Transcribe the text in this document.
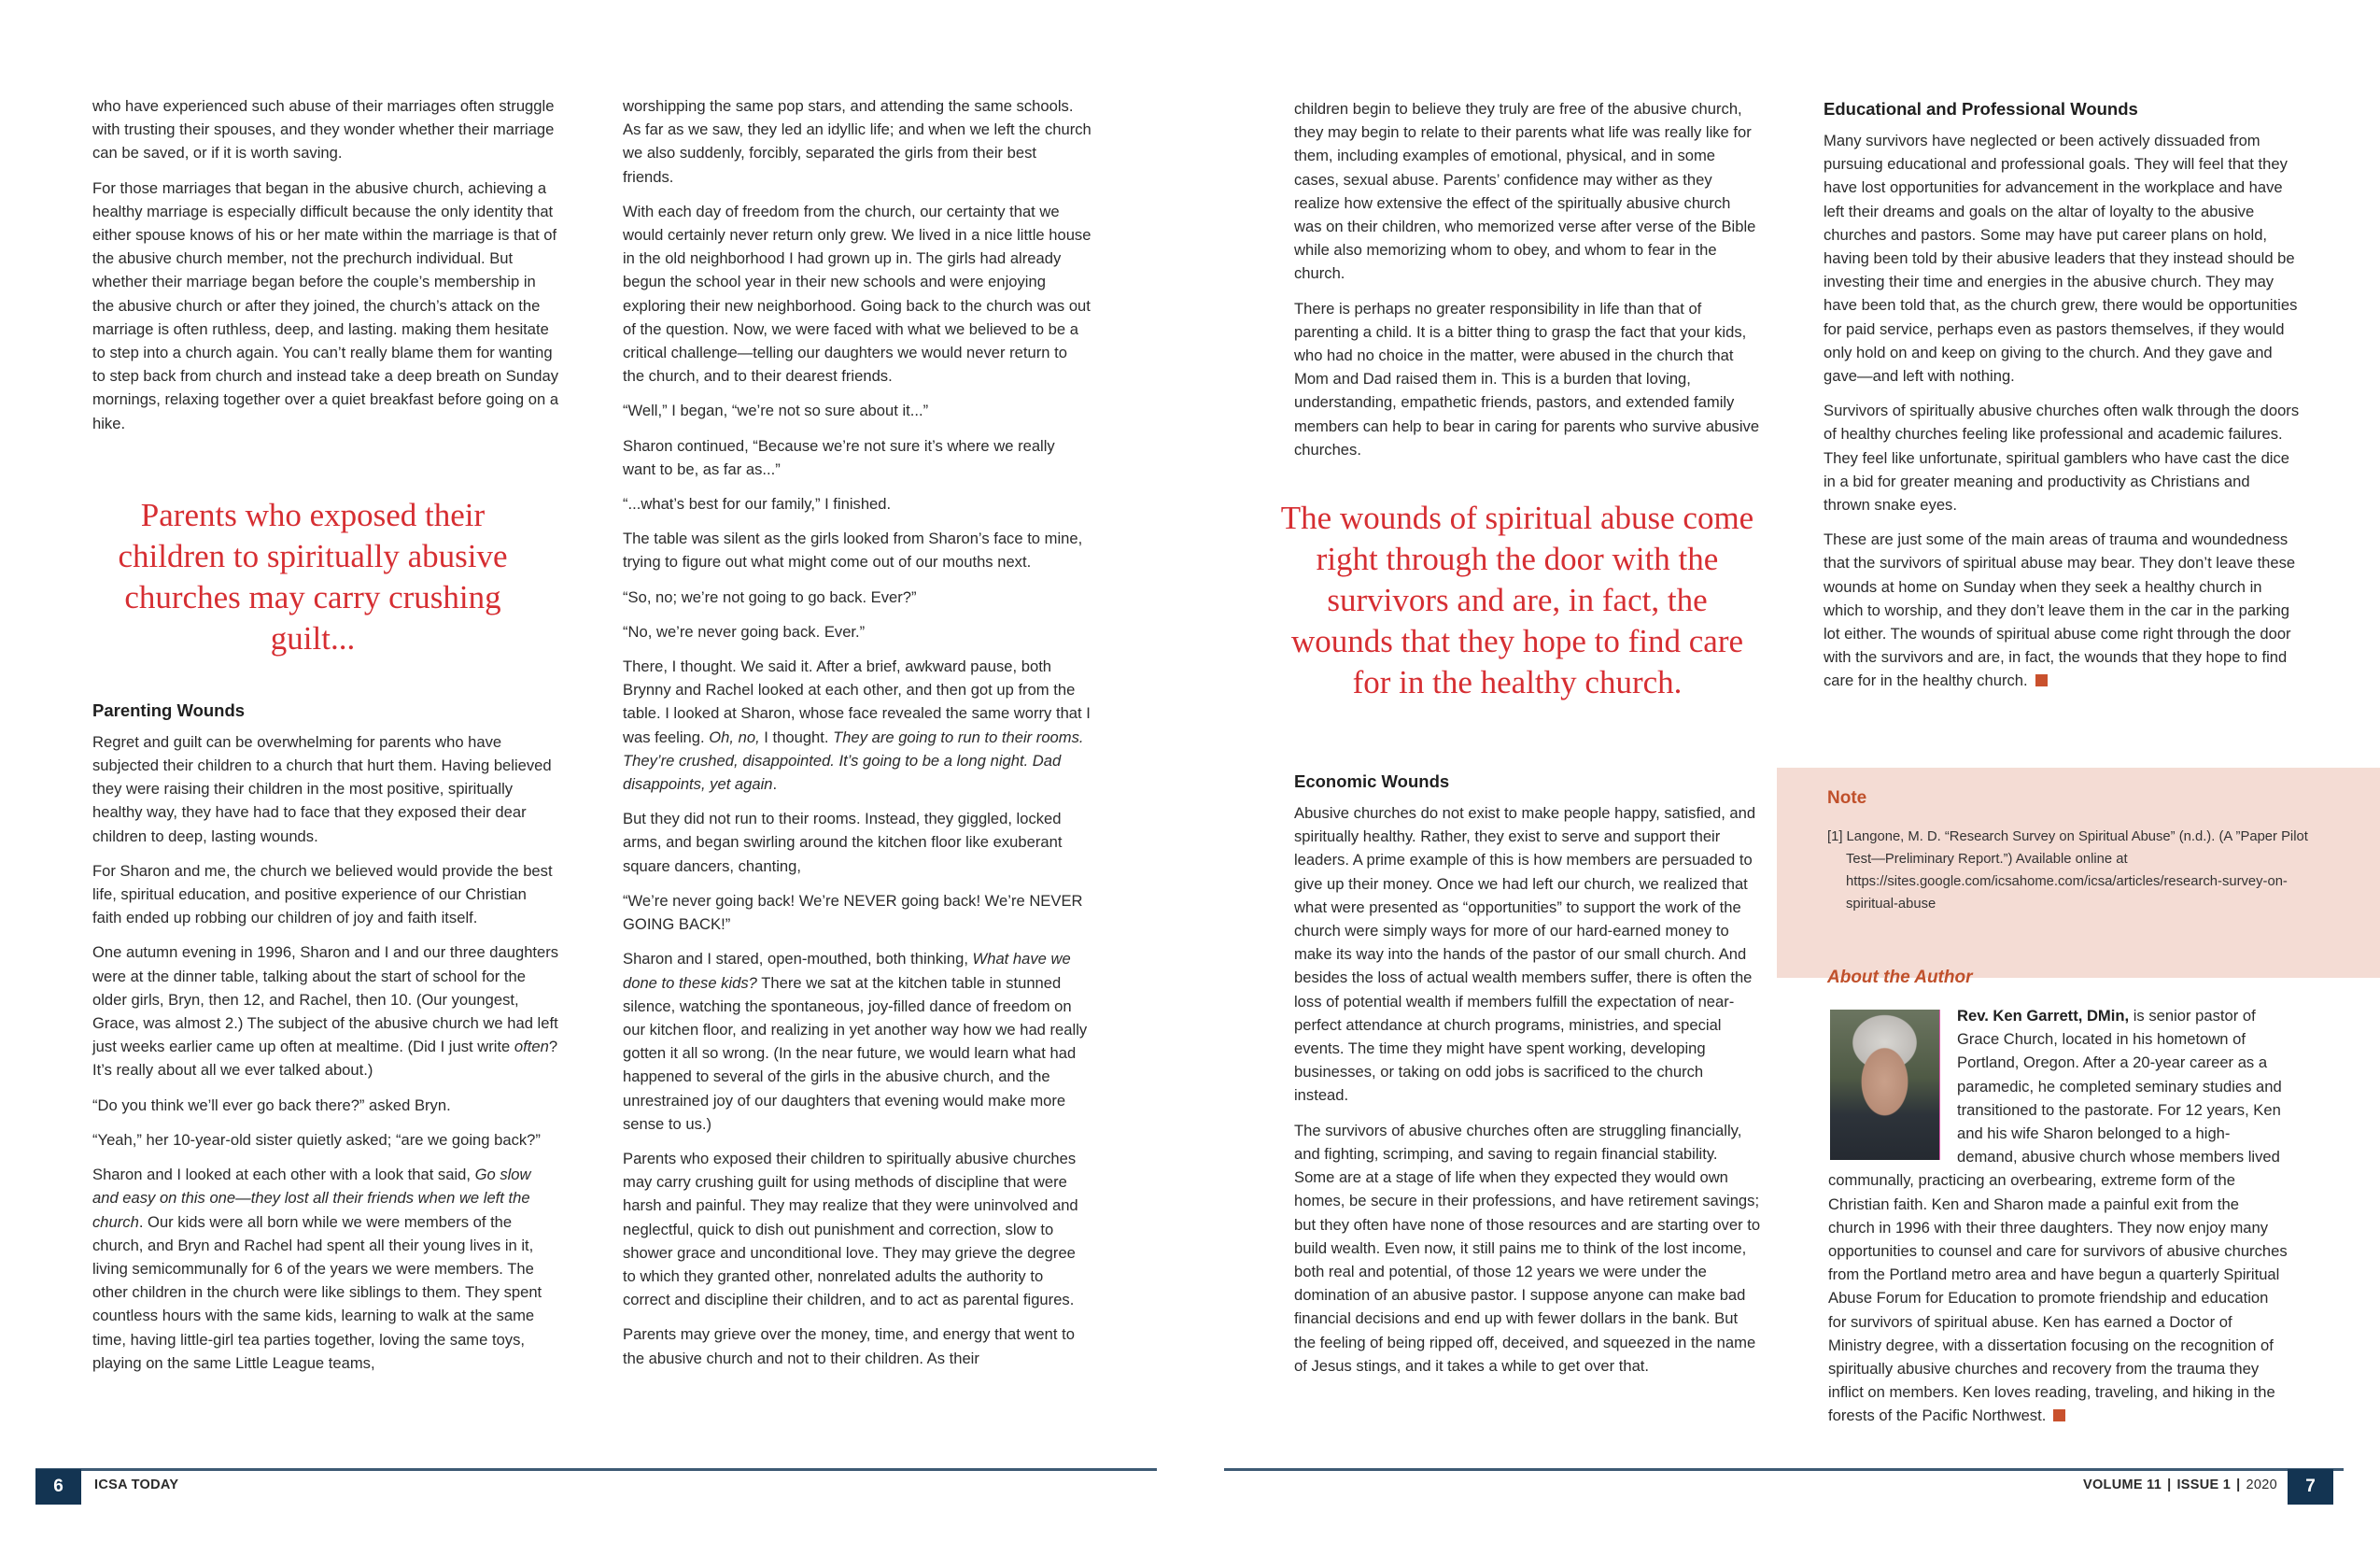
who have experienced such abuse of their marriages often struggle with trusting their spouses, and they wonder whether their marriage can be saved, or if it is worth saving.

For those marriages that began in the abusive church, achieving a healthy marriage is especially difficult because the only identity that either spouse knows of his or her mate within the marriage is that of the abusive church member, not the prechurch individual. But whether their marriage began before the couple’s membership in the abusive church or after they joined, the church’s attack on the marriage is often ruthless, deep, and lasting. making them hesitate to step into a church again. You can’t really blame them for wanting to step back from church and instead take a deep breath on Sunday mornings, relaxing together over a quiet breakfast before going on a hike.

Parenting Wounds

Regret and guilt can be overwhelming for parents who have subjected their children to a church that hurt them. Having believed they were raising their children in the most positive, spiritually healthy way, they have had to face that they exposed their dear children to deep, lasting wounds.

For Sharon and me, the church we believed would provide the best life, spiritual education, and positive experience of our Christian faith ended up robbing our children of joy and faith itself.

One autumn evening in 1996, Sharon and I and our three daughters were at the dinner table, talking about the start of school for the older girls, Bryn, then 12, and Rachel, then 10. (Our youngest, Grace, was almost 2.) The subject of the abusive church we had left just weeks earlier came up often at mealtime. (Did I just write often? It’s really about all we ever talked about.)

“Do you think we’ll ever go back there?” asked Bryn.

“Yeah,” her 10-year-old sister quietly asked; “are we going back?”

Sharon and I looked at each other with a look that said, Go slow and easy on this one—they lost all their friends when we left the church. Our kids were all born while we were members of the church, and Bryn and Rachel had spent all their young lives in it, living semicommunally for 6 of the years we were members. The other children in the church were like siblings to them. They spent countless hours with the same kids, learning to walk at the same time, having little-girl tea parties together, loving the same toys, playing on the same Little League teams,

Parents who exposed their children to spiritually abusive churches may carry crushing guilt...

worshipping the same pop stars, and attending the same schools. As far as we saw, they led an idyllic life; and when we left the church we also suddenly, forcibly, separated the girls from their best friends.

With each day of freedom from the church, our certainty that we would certainly never return only grew. We lived in a nice little house in the old neighborhood I had grown up in. The girls had already begun the school year in their new schools and were enjoying exploring their new neighborhood. Going back to the church was out of the question. Now, we were faced with what we believed to be a critical challenge—telling our daughters we would never return to the church, and to their dearest friends.

“Well,” I began, “we’re not so sure about it...”

Sharon continued, “Because we’re not sure it’s where we really want to be, as far as...”

“...what’s best for our family,” I finished.

The table was silent as the girls looked from Sharon’s face to mine, trying to figure out what might come out of our mouths next.

“So, no; we’re not going to go back. Ever?”

“No, we’re never going back. Ever.”

There, I thought. We said it. After a brief, awkward pause, both Brynny and Rachel looked at each other, and then got up from the table. I looked at Sharon, whose face revealed the same worry that I was feeling. Oh, no, I thought. They are going to run to their rooms. They’re crushed, disappointed. It’s going to be a long night. Dad disappoints, yet again.

But they did not run to their rooms. Instead, they giggled, locked arms, and began swirling around the kitchen floor like exuberant square dancers, chanting,

“We’re never going back! We’re NEVER going back! We’re NEVER GOING BACK!”

Sharon and I stared, open-mouthed, both thinking, What have we done to these kids? There we sat at the kitchen table in stunned silence, watching the spontaneous, joy-filled dance of freedom on our kitchen floor, and realizing in yet another way how we had really gotten it all so wrong. (In the near future, we would learn what had happened to several of the girls in the abusive church, and the unrestrained joy of our daughters that evening would make more sense to us.)

Parents who exposed their children to spiritually abusive churches may carry crushing guilt for using methods of discipline that were harsh and painful. They may realize that they were uninvolved and neglectful, quick to dish out punishment and correction, slow to shower grace and unconditional love. They may grieve the degree to which they granted other, nonrelated adults the authority to correct and discipline their children, and to act as parental figures.

Parents may grieve over the money, time, and energy that went to the abusive church and not to their children. As their

children begin to believe they truly are free of the abusive church, they may begin to relate to their parents what life was really like for them, including examples of emotional, physical, and in some cases, sexual abuse. Parents’ confidence may wither as they realize how extensive the effect of the spiritually abusive church was on their children, who memorized verse after verse of the Bible while also memorizing whom to obey, and whom to fear in the church.

There is perhaps no greater responsibility in life than that of parenting a child. It is a bitter thing to grasp the fact that your kids, who had no choice in the matter, were abused in the church that Mom and Dad raised them in. This is a burden that loving, understanding, empathetic friends, pastors, and extended family members can help to bear in caring for parents who survive abusive churches.

Economic Wounds

Abusive churches do not exist to make people happy, satisfied, and spiritually healthy. Rather, they exist to serve and support their leaders. A prime example of this is how members are persuaded to give up their money. Once we had left our church, we realized that what were presented as “opportunities” to support the work of the church were simply ways for more of our hard-earned money to make its way into the hands of the pastor of our small church. And besides the loss of actual wealth members suffer, there is often the loss of potential wealth if members fulfill the expectation of near-perfect attendance at church programs, ministries, and special events. The time they might have spent working, developing businesses, or taking on odd jobs is sacrificed to the church instead.

The survivors of abusive churches often are struggling financially, and fighting, scrimping, and saving to regain financial stability. Some are at a stage of life when they expected they would own homes, be secure in their professions, and have retirement savings; but they often have none of those resources and are starting over to build wealth. Even now, it still pains me to think of the lost income, both real and potential, of those 12 years we were under the domination of an abusive pastor. I suppose anyone can make bad financial decisions and end up with fewer dollars in the bank. But the feeling of being ripped off, deceived, and squeezed in the name of Jesus stings, and it takes a while to get over that.

The wounds of spiritual abuse come right through the door with the survivors and are, in fact, the wounds that they hope to find care for in the healthy church.
Educational and Professional Wounds

Many survivors have neglected or been actively dissuaded from pursuing educational and professional goals. They will feel that they have lost opportunities for advancement in the workplace and have left their dreams and goals on the altar of loyalty to the abusive churches and pastors. Some may have put career plans on hold, having been told by their abusive leaders that they instead should be investing their time and energies in the abusive church. They may have been told that, as the church grew, there would be opportunities for paid service, perhaps even as pastors themselves, if they would only hold on and keep on giving to the church. And they gave and gave—and left with nothing.

Survivors of spiritually abusive churches often walk through the doors of healthy churches feeling like professional and academic failures. They feel like unfortunate, spiritual gamblers who have cast the dice in a bid for greater meaning and productivity as Christians and thrown snake eyes.

These are just some of the main areas of trauma and woundedness that the survivors of spiritual abuse may bear. They don’t leave these wounds at home on Sunday when they seek a healthy church in which to worship, and they don’t leave them in the car in the parking lot either. The wounds of spiritual abuse come right through the door with the survivors and are, in fact, the wounds that they hope to find care for in the healthy church.

Note
[1] Langone, M. D. “Research Survey on Spiritual Abuse” (n.d.). (A ”Paper Pilot Test—Preliminary Report.”) Available online at https://sites.google.com/icsahome.com/icsa/articles/research-survey-on-spiritual-abuse
About the Author
Rev. Ken Garrett, DMin, is senior pastor of Grace Church, located in his hometown of Portland, Oregon. After a 20-year career as a paramedic, he completed seminary studies and transitioned to the pastorate. For 12 years, Ken and his wife Sharon belonged to a high-demand, abusive church whose members lived communally, practicing an overbearing, extreme form of the Christian faith. Ken and Sharon made a painful exit from the church in 1996 with their three daughters. They now enjoy many opportunities to counsel and care for survivors of abusive churches from the Portland metro area and have begun a quarterly Spiritual Abuse Forum for Education to promote friendship and education for survivors of spiritual abuse. Ken has earned a Doctor of Ministry degree, with a dissertation focusing on the recognition of spiritually abusive churches and recovery from the trauma they inflict on members. Ken loves reading, traveling, and hiking in the forests of the Pacific Northwest.
6	ICSA TODAY	VOLUME 11 | ISSUE 1 | 2020	7
